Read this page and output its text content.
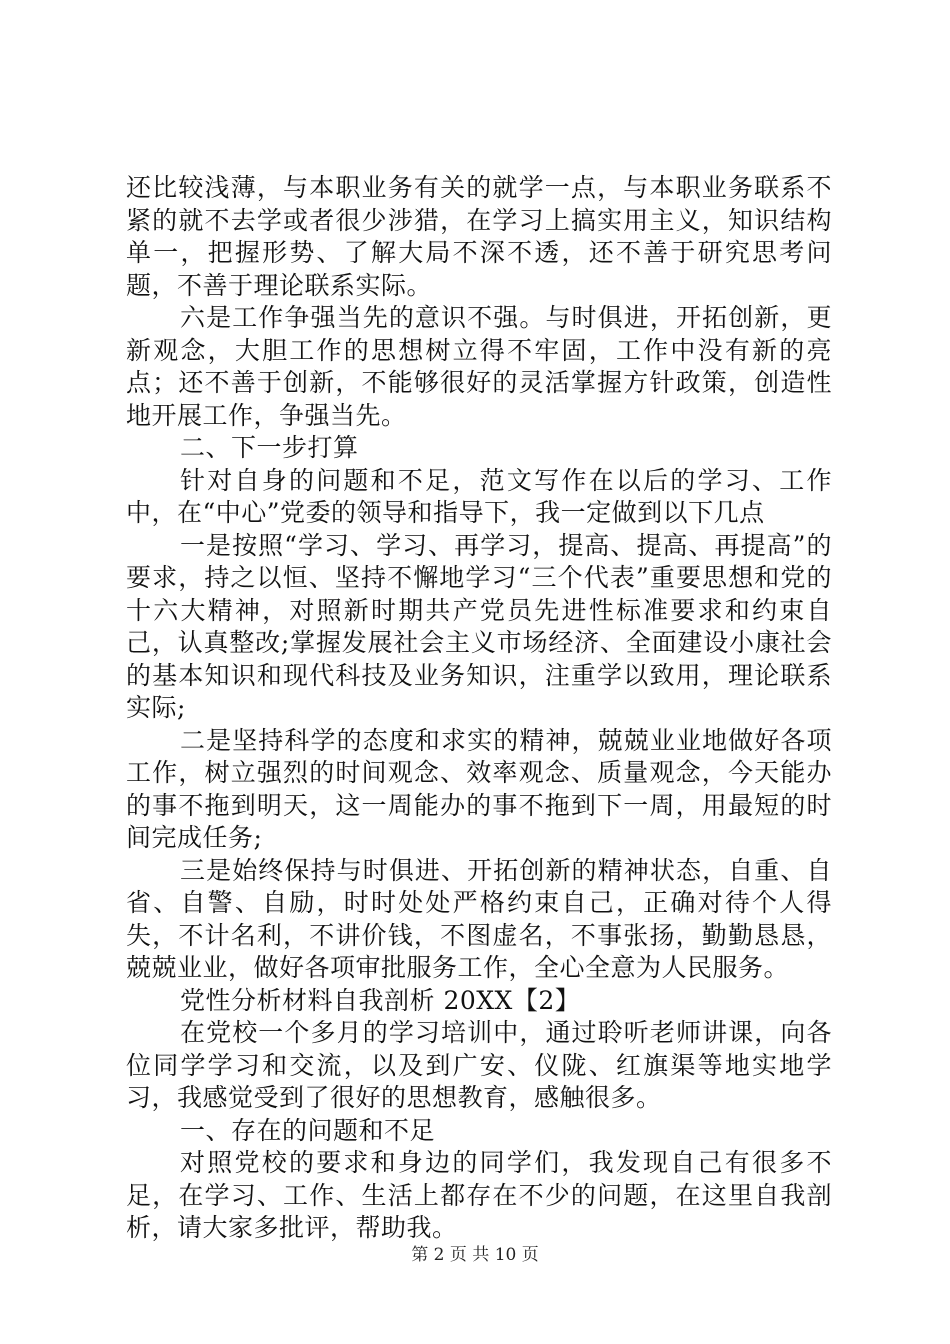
还比较浅薄，与本职业务有关的就学一点，与本职业务联系不紧的就不去学或者很少涉猎，在学习上搞实用主义，知识结构单一，把握形势、了解大局不深不透，还不善于研究思考问题，不善于理论联系实际。

六是工作争强当先的意识不强。与时俱进，开拓创新，更新观念，大胆工作的思想树立得不牢固，工作中没有新的亮点；还不善于创新，不能够很好的灵活掌握方针政策，创造性地开展工作，争强当先。

二、下一步打算

针对自身的问题和不足，范文写作在以后的学习、工作中，在“中心”党委的领导和指导下，我一定做到以下几点

一是按照“学习、学习、再学习，提高、提高、再提高”的要求，持之以恒、坚持不懈地学习“三个代表”重要思想和党的十六大精神，对照新时期共产党员先进性标准要求和约束自己，认真整改;掌握发展社会主义市场经济、全面建设小康社会的基本知识和现代科技及业务知识，注重学以致用，理论联系实际;

二是坚持科学的态度和求实的精神，兢兢业业地做好各项工作，树立强烈的时间观念、效率观念、质量观念，今天能办的事不拖到明天，这一周能办的事不拖到下一周，用最短的时间完成任务;

三是始终保持与时俱进、开拓创新的精神状态，自重、自省、自警、自励，时时处处严格约束自己，正确对待个人得失，不计名利，不讲价钱，不图虚名，不事张扬，勤勤恳恳，兢兢业业，做好各项审批服务工作，全心全意为人民服务。

党性分析材料自我剖析 20XX【2】

在党校一个多月的学习培训中，通过聆听老师讲课，向各位同学学习和交流，以及到广安、仪陇、红旗渠等地实地学习，我感觉受到了很好的思想教育，感触很多。

一、存在的问题和不足

对照党校的要求和身边的同学们，我发现自己有很多不足，在学习、工作、生活上都存在不少的问题，在这里自我剖析，请大家多批评，帮助我。

第 2 页 共 10 页
